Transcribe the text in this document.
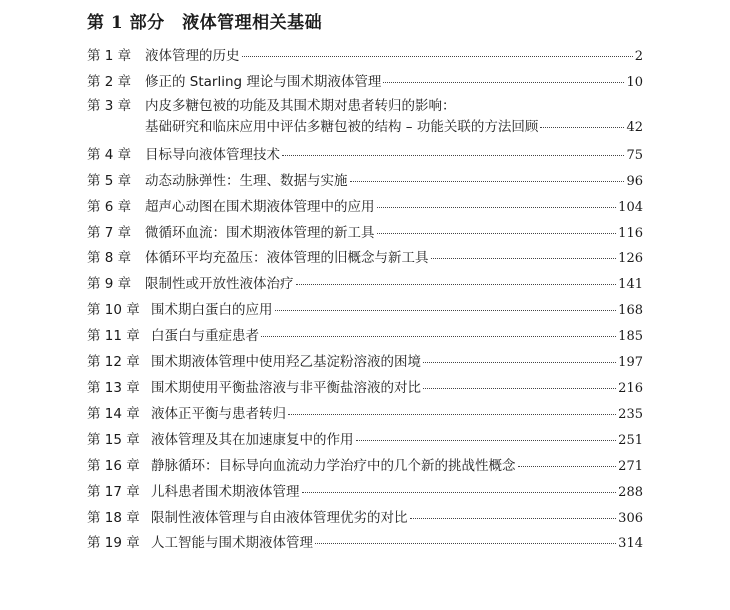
第 1 部分　液体管理相关基础
第 1 章	液体管理的历史	2
第 2 章	修正的 Starling 理论与围术期液体管理	10
第 3 章	内皮多糖包被的功能及其围术期对患者转归的影响：
基础研究和临床应用中评估多糖包被的结构 – 功能关联的方法回顾	42
第 4 章	目标导向液体管理技术	75
第 5 章	动态动脉弹性：生理、数据与实施	96
第 6 章	超声心动图在围术期液体管理中的应用	104
第 7 章	微循环血流：围术期液体管理的新工具	116
第 8 章	体循环平均充盈压：液体管理的旧概念与新工具	126
第 9 章	限制性或开放性液体治疗	141
第 10 章 围术期白蛋白的应用	168
第 11 章 白蛋白与重症患者	185
第 12 章 围术期液体管理中使用羟乙基淀粉溶液的困境	197
第 13 章 围术期使用平衡盐溶液与非平衡盐溶液的对比	216
第 14 章 液体正平衡与患者转归	235
第 15 章 液体管理及其在加速康复中的作用	251
第 16 章 静脉循环：目标导向血流动力学治疗中的几个新的挑战性概念	271
第 17 章 儿科患者围术期液体管理	288
第 18 章 限制性液体管理与自由液体管理优劣的对比	306
第 19 章 人工智能与围术期液体管理	314
